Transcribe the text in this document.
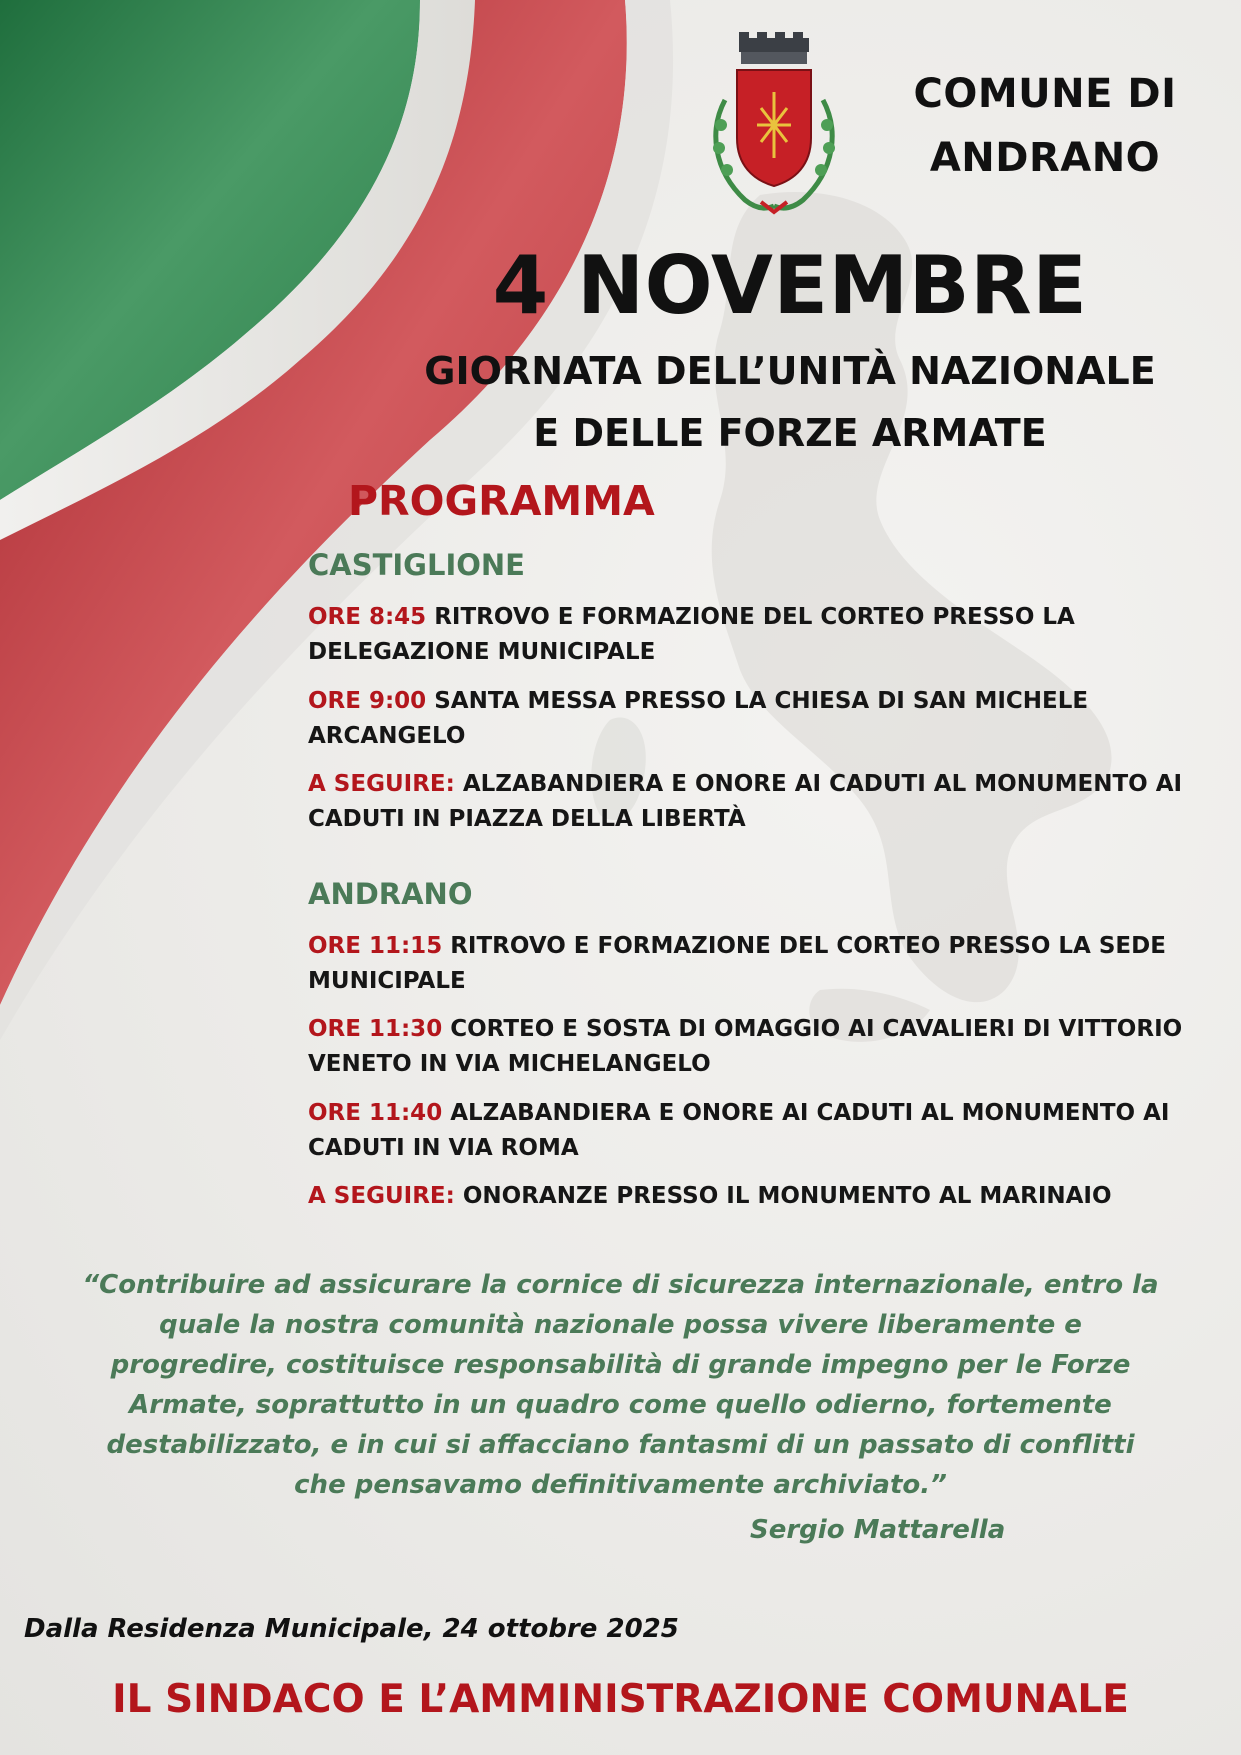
COMUNE DI
ANDRANO
4 NOVEMBRE
GIORNATA DELL’UNITÀ NAZIONALE
E DELLE FORZE ARMATE
PROGRAMMA
CASTIGLIONE
ORE 8:45 RITROVO E FORMAZIONE DEL CORTEO PRESSO LA
DELEGAZIONE MUNICIPALE
ORE 9:00 SANTA MESSA PRESSO LA CHIESA DI SAN MICHELE
ARCANGELO
A SEGUIRE: ALZABANDIERA E ONORE AI CADUTI AL MONUMENTO AI
CADUTI IN PIAZZA DELLA LIBERTÀ
ANDRANO
ORE 11:15 RITROVO E FORMAZIONE DEL CORTEO PRESSO LA SEDE
MUNICIPALE
ORE 11:30 CORTEO E SOSTA DI OMAGGIO AI CAVALIERI DI VITTORIO
VENETO IN VIA MICHELANGELO
ORE 11:40 ALZABANDIERA E ONORE AI CADUTI AL MONUMENTO AI
CADUTI IN VIA ROMA
A SEGUIRE: ONORANZE PRESSO IL MONUMENTO AL MARINAIO
“Contribuire ad assicurare la cornice di sicurezza internazionale, entro la
quale la nostra comunità nazionale possa vivere liberamente e
progredire, costituisce responsabilità di grande impegno per le Forze
Armate, soprattutto in un quadro come quello odierno, fortemente
destabilizzato, e in cui si affacciano fantasmi di un passato di conflitti
che pensavamo definitivamente archiviato.”
Sergio Mattarella
Dalla Residenza Municipale, 24 ottobre 2025
IL SINDACO E L’AMMINISTRAZIONE COMUNALE
